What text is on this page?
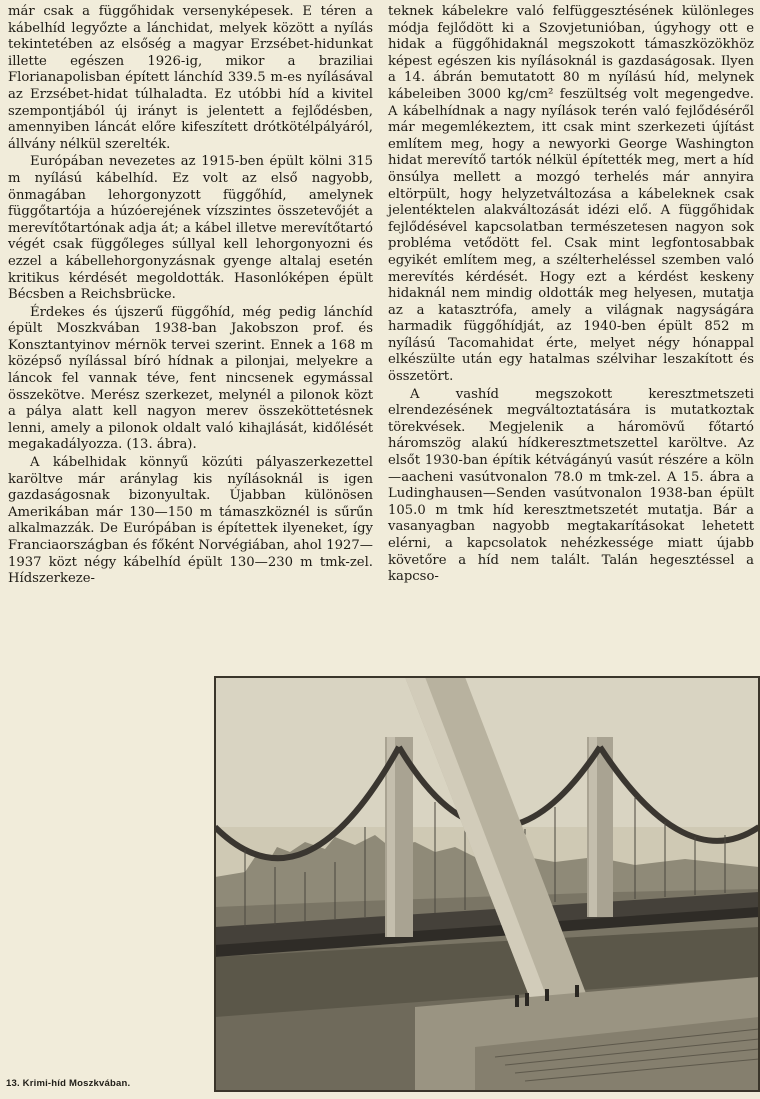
már csak a függőhidak versenyképesek. E téren a kábelhíd legyőzte a lánchidat, melyek között a nyílás tekintetében az elsőség a magyar Erzsébet-hidunkat illette egészen 1926-ig, mikor a braziliai Florianapolisban épített lánchíd 339.5 m-es nyílásával az Erzsébet-hidat túlhaladta. Ez utóbbi híd a kivitel szempontjából új irányt is jelentett a fejlődésben, amennyiben láncát előre kifeszített drótkötélpályáról, állvány nélkül szerelték.

Európában nevezetes az 1915-ben épült kölni 315 m nyílású kábelhíd. Ez volt az első nagyobb, önmagában lehorgonyzott függőhíd, amelynek függőtartója a húzóerejének vízszintes összetevőjét a merevítőtartónak adja át; a kábel illetve merevítőtartó végét csak függőleges súllyal kell lehorgonyozni és ezzel a kábellehorgonyzásnak gyenge altalaj esetén kritikus kérdését megoldották. Hasonlóképen épült Bécsben a Reichsbrücke.

Érdekes és újszerű függőhíd, még pedig lánchíd épült Moszkvában 1938-ban Jakobszon prof. és Konsztantyinov mérnök tervei szerint. Ennek a 168 m középső nyílással bíró hídnak a pilonjai, melyekre a láncok fel vannak téve, fent nincsenek egymással összekötve. Merész szerkezet, melynél a pilonok közt a pálya alatt kell nagyon merev összeköttetésnek lenni, amely a pilonok oldalt való kihajlását, kidőlését megakadályozza. (13. ábra).

A kábelhidak könnyű közúti pályaszerkezettel karöltve már aránylag kis nyílásoknál is igen gazdaságosnak bizonyultak. Újabban különösen Amerikában már 130—150 m támaszköznél is sűrűn alkalmazzák. De Európában is építettek ilyeneket, így Franciaországban és főként Norvégiában, ahol 1927—1937 közt négy kábelhíd épült 130—230 m tmk-zel. Hídszerkeze-

teknek kábelekre való felfüggesztésének különleges módja fejlődött ki a Szovjetunióban, úgyhogy ott e hidak a függőhidaknál megszokott támaszközökhöz képest egészen kis nyílásoknál is gazdaságosak. Ilyen a 14. ábrán bemutatott 80 m nyílású híd, melynek kábeleiben 3000 kg/cm² feszültség volt megengedve. A kábelhídnak a nagy nyílások terén való fejlődéséről már megemlékeztem, itt csak mint szerkezeti újítást említem meg, hogy a newyorki George Washington hidat merevítő tartók nélkül építették meg, mert a híd önsúlya mellett a mozgó terhelés már annyira eltörpült, hogy helyzetváltozása a kábeleknek csak jelentéktelen alakváltozását idézi elő. A függőhidak fejlődésével kapcsolatban természetesen nagyon sok probléma vetődött fel. Csak mint legfontosabbak egyikét említem meg, a szélterheléssel szemben való merevítés kérdését. Hogy ezt a kérdést keskeny hidaknál nem mindig oldották meg helyesen, mutatja az a katasztrófa, amely a világnak nagyságára harmadik függőhídját, az 1940-ben épült 852 m nyílású Tacomahidat érte, melyet négy hónappal elkészülte után egy hatalmas szélvihar leszakított és összetört.

A vashíd megszokott keresztmetszeti elrendezésének megváltoztatására is mutatkoztak törekvések. Megjelenik a háromövű főtartó háromszög alakú hídkeresztmetszettel karöltve. Az elsőt 1930-ban építik kétvágányú vasút részére a köln—aacheni vasútvonalon 78.0 m tmk-zel. A 15. ábra a Ludinghausen—Senden vasútvonalon 1938-ban épült 105.0 m tmk híd keresztmetszetét mutatja. Bár a vasanyagban nagyobb megtakarításokat lehetett elérni, a kapcsolatok nehézkessége miatt újabb követőre a híd nem talált. Talán hegesztéssel a kapcso-

13. Krimi-híd Moszkvában.
